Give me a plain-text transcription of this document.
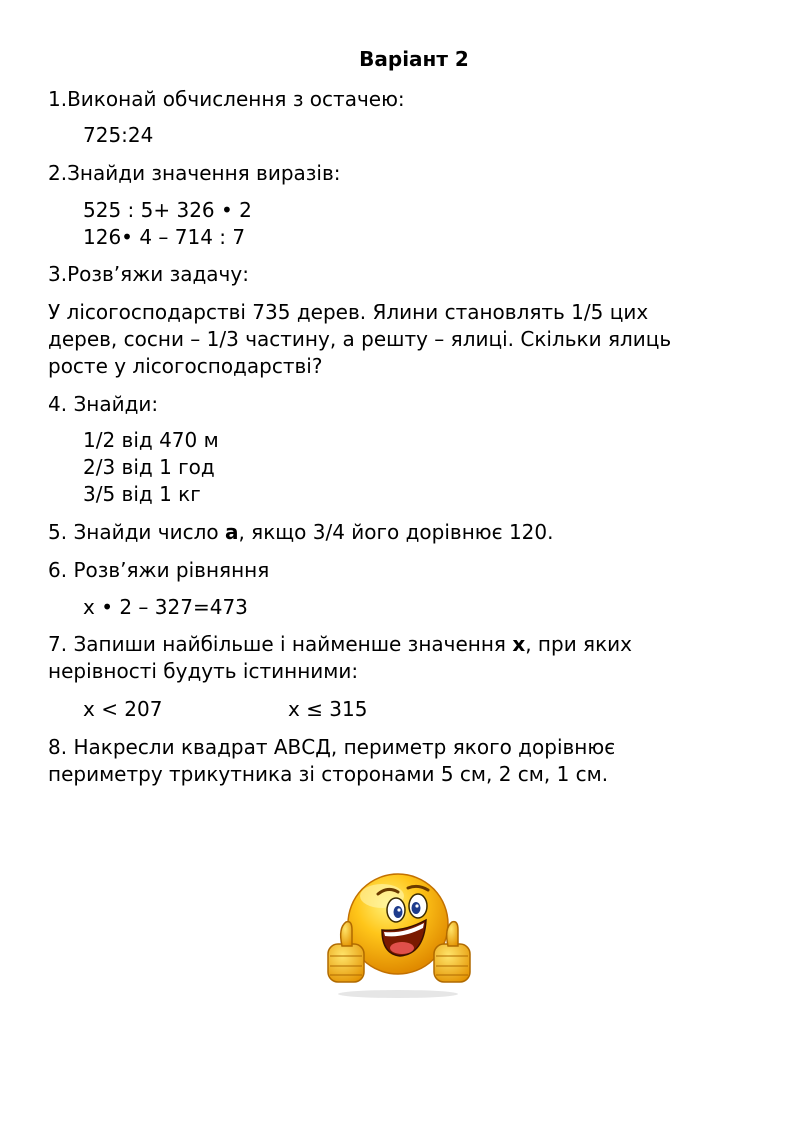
Варіант 2
1.Виконай обчислення з остачею:
725:24
2.Знайди значення виразів:
525 : 5+ 326 • 2
126• 4 – 714 : 7
3.Розв’яжи задачу:

У лісогосподарстві 735 дерев. Ялини становлять 1/5 цих

дерев, сосни – 1/3 частину, а решту – ялиці. Скільки ялиць

росте у лісогосподарстві?

4. Знайди:
1/2 від 470 м
2/3 від 1 год
3/5 від 1 кг
5. Знайди число а, якщо 3/4 його дорівнює 120.
6. Розв’яжи рівняння
х • 2 – 327=473
7. Запиши найбільше і найменше значення х, при яких
нерівності будуть істинними:
х < 207	х ≤ 315
8. Накресли квадрат АВСД, периметр якого дорівнює
периметру трикутника зі сторонами 5 см, 2 см, 1 см.
